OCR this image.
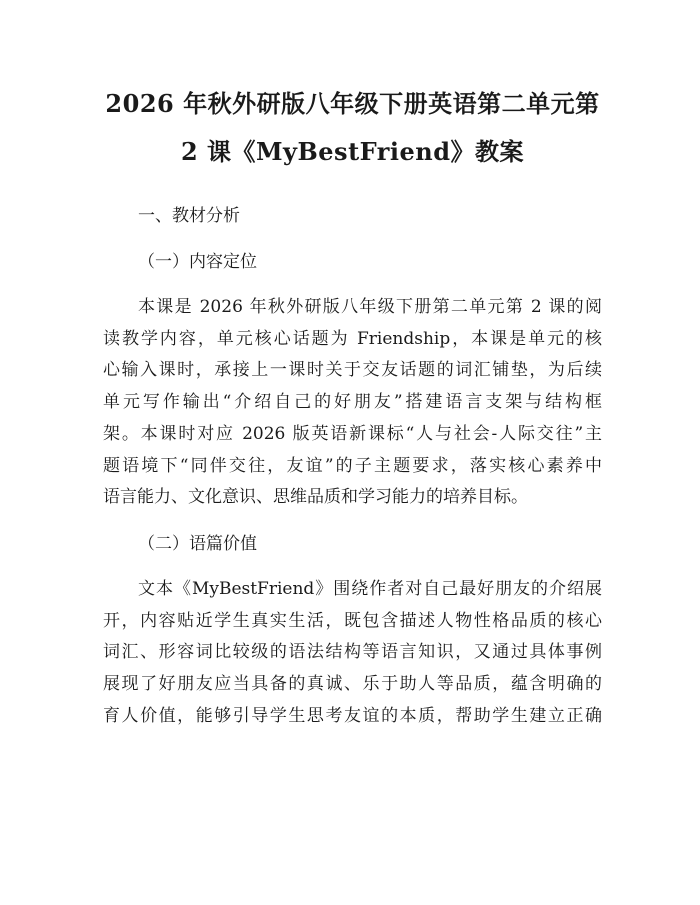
2026 年秋外研版八年级下册英语第二单元第
2 课《MyBestFriend》教案
一、教材分析
（一）内容定位
本课是 2026 年秋外研版八年级下册第二单元第 2 课的阅
读教学内容，单元核心话题为 Friendship，本课是单元的核
心输入课时，承接上一课时关于交友话题的词汇铺垫，为后续
单元写作输出“介绍自己的好朋友”搭建语言支架与结构框
架。本课时对应 2026 版英语新课标“人与社会-人际交往”主
题语境下“同伴交往，友谊”的子主题要求，落实核心素养中
语言能力、文化意识、思维品质和学习能力的培养目标。
（二）语篇价值
文本《MyBestFriend》围绕作者对自己最好朋友的介绍展
开，内容贴近学生真实生活，既包含描述人物性格品质的核心
词汇、形容词比较级的语法结构等语言知识，又通过具体事例
展现了好朋友应当具备的真诚、乐于助人等品质，蕴含明确的
育人价值，能够引导学生思考友谊的本质，帮助学生建立正确
